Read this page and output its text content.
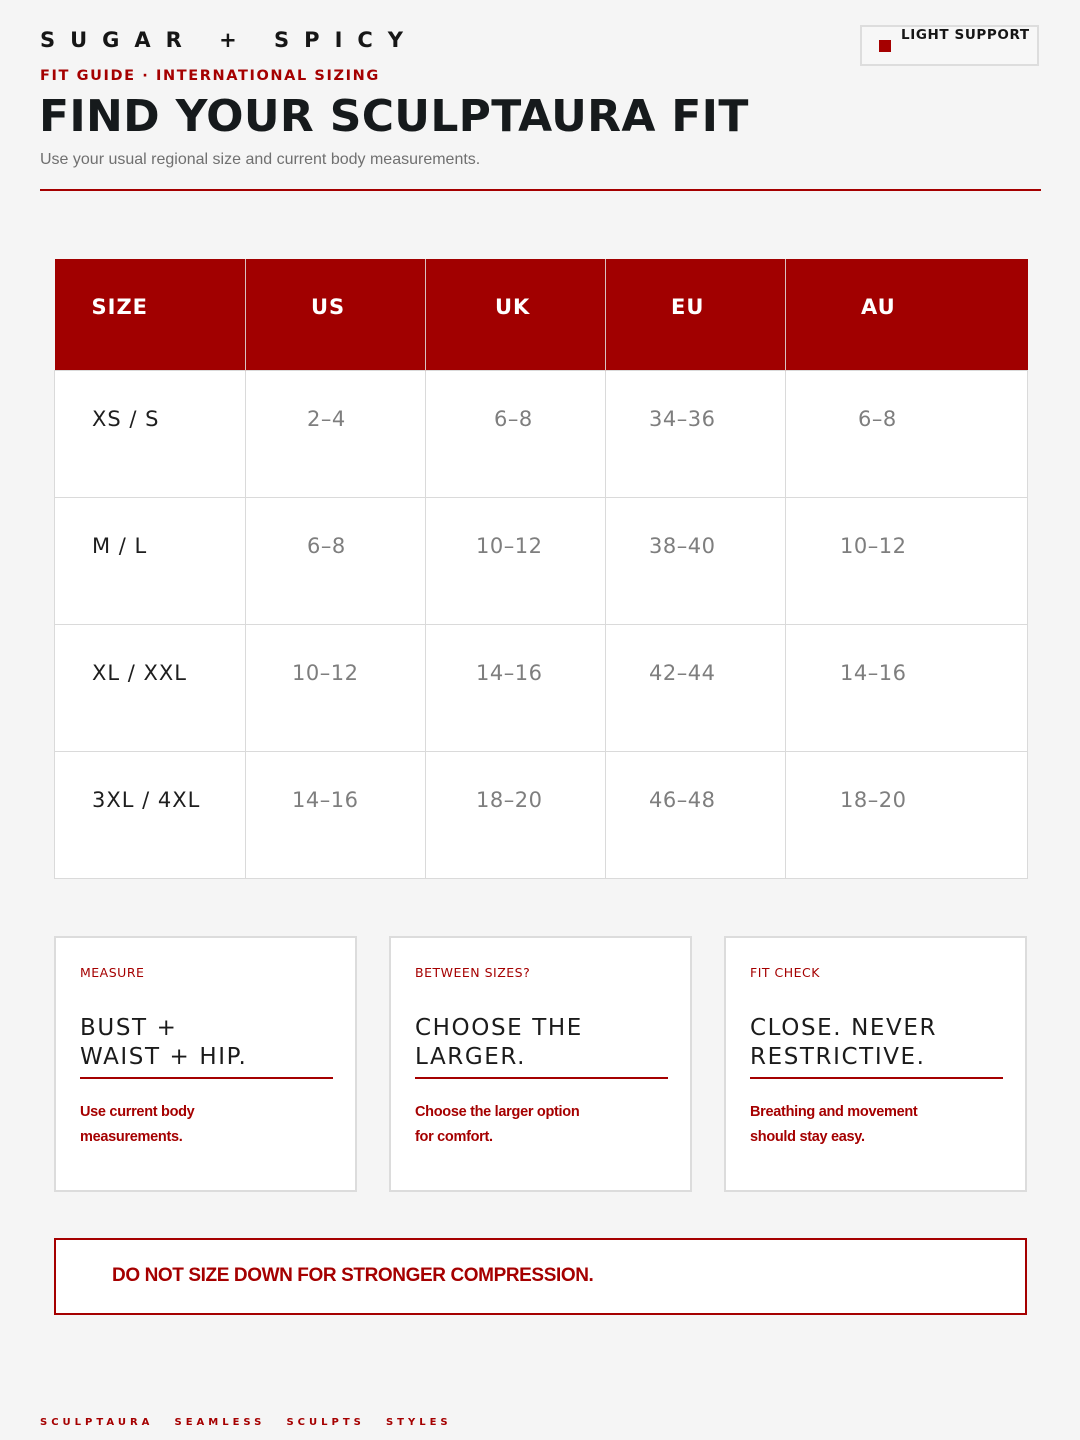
SUGAR + SPICY	LIGHT SUPPORT
FIT GUIDE · INTERNATIONAL SIZING
FIND YOUR SCULPTAURA FIT
Use your usual regional size and current body measurements.
SIZE	US	UK	EU	AU

XS / S	2–4	6–8	34–36	6–8

M / L	6–8	10–12	38–40	10–12

XL / XXL	10–12	14–16	42–44	14–16

3XL / 4XL	14–16	18–20	46–48	18–20
MEASURE
BUST +
WAIST + HIP.
Use current body
measurements.
BETWEEN SIZES?
CHOOSE THE
LARGER.
Choose the larger option
for comfort.
FIT CHECK
CLOSE. NEVER
RESTRICTIVE.
Breathing and movement
should stay easy.
DO NOT SIZE DOWN FOR STRONGER COMPRESSION.
SCULPTAURA SEAMLESS SCULPTS STYLES
